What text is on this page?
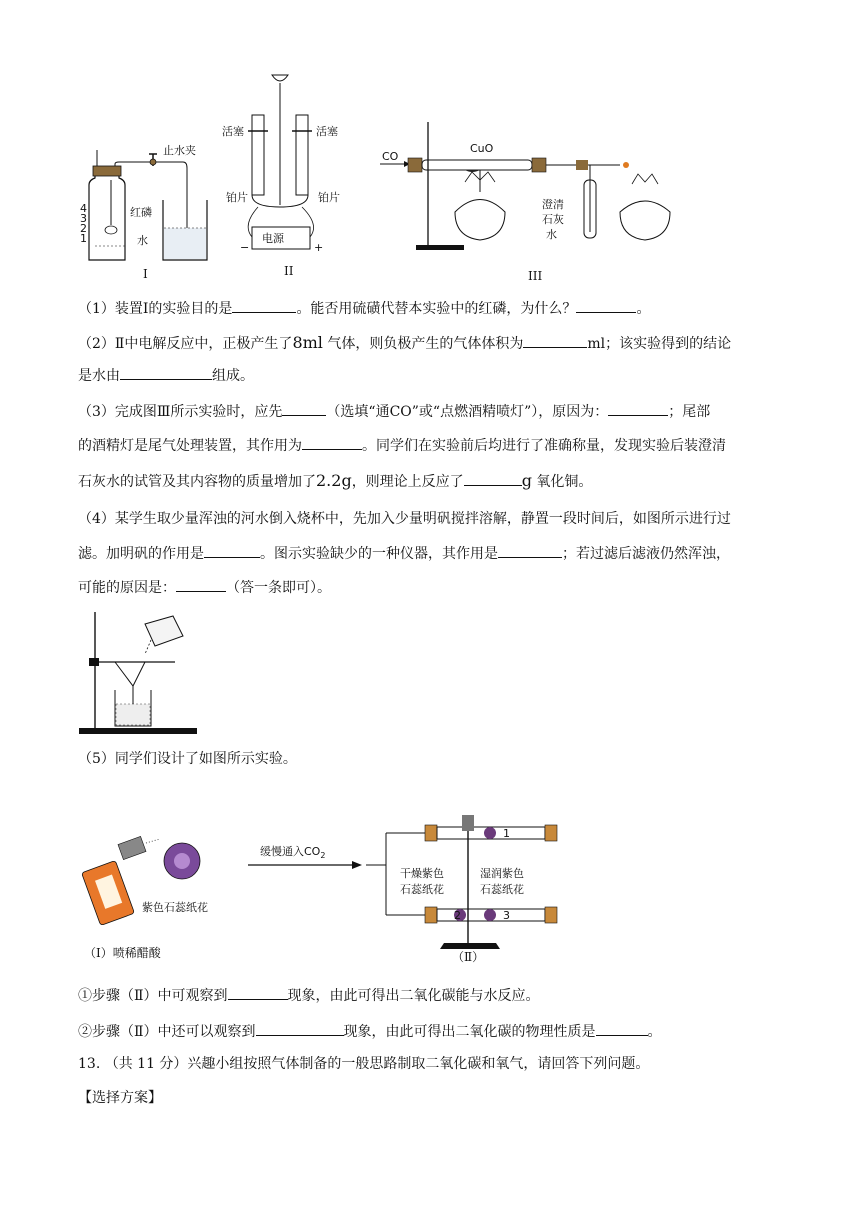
4
3
2
1
止水夹
红磷
水
I
活塞	活塞
铂片	铂片
电源
−	+
II
CO
CuO
澄清
石灰
水
III
（1）装置Ⅰ的实验目的是	。能否用硫磺代替本实验中的红磷，为什么？	。
（2）Ⅱ中电解反应中，正极产生了8ml 气体，则负极产生的气体体积为	ml；该实验得到的结论
是水由	组成。
（3）完成图Ⅲ所示实验时，应先	（选填“通CO”或“点燃酒精喷灯”），原因为：	；尾部
的酒精灯是尾气处理装置，其作用为	。同学们在实验前后均进行了准确称量，发现实验后装澄清
石灰水的试管及其内容物的质量增加了2.2g，则理论上反应了	g 氧化铜。
（4）某学生取少量浑浊的河水倒入烧杯中，先加入少量明矾搅拌溶解，静置一段时间后，如图所示进行过
滤。加明矾的作用是	。图示实验缺少的一种仪器，其作用是	；若过滤后滤液仍然浑浊，
可能的原因是：	（答一条即可）。
（5）同学们设计了如图所示实验。
紫色石蕊纸花
（Ⅰ）喷稀醋酸
缓慢通入$CO_2$
1
2	3
干燥紫色
石蕊纸花
湿润紫色
石蕊纸花
（Ⅱ）
①步骤（Ⅱ）中可观察到	现象，由此可得出二氧化碳能与水反应。
②步骤（Ⅱ）中还可以观察到	现象，由此可得出二氧化碳的物理性质是	。
13. （共 11 分）兴趣小组按照气体制备的一般思路制取二氧化碳和氧气，请回答下列问题。
【选择方案】
